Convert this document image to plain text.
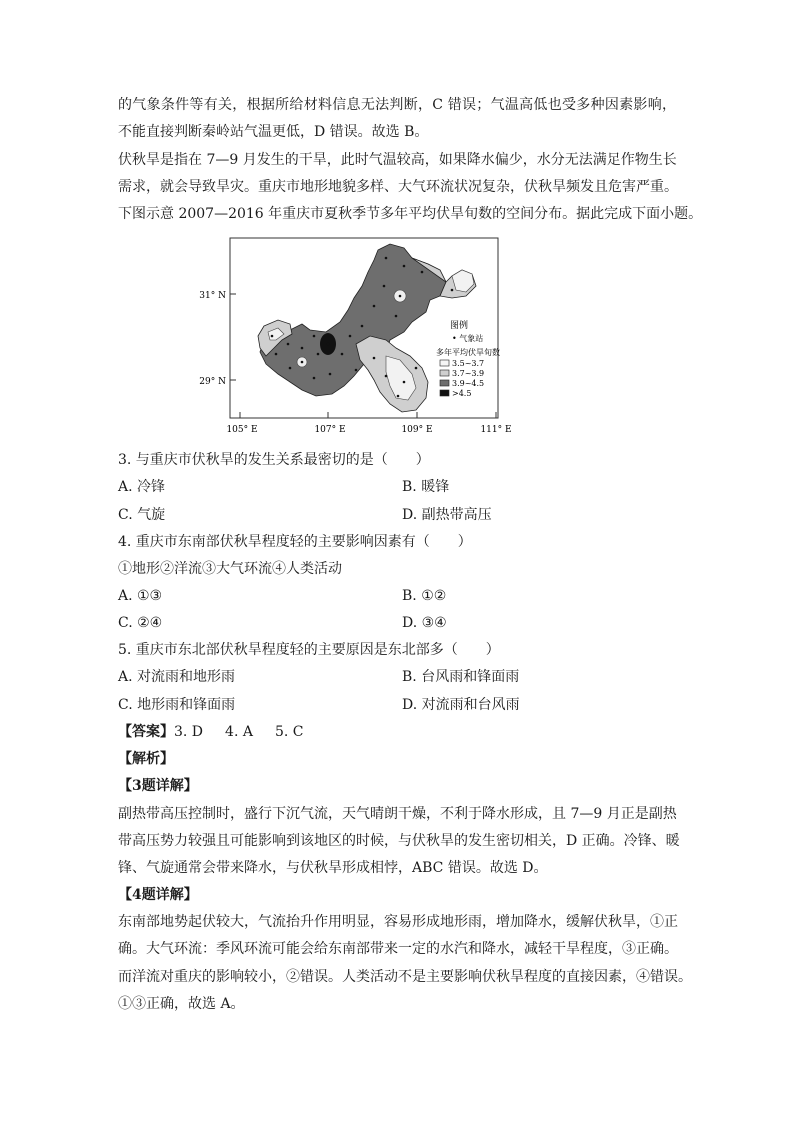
的气象条件等有关，根据所给材料信息无法判断，C 错误；气温高低也受多种因素影响，
不能直接判断秦岭站气温更低，D 错误。故选 B。
伏秋旱是指在 7—9 月发生的干旱，此时气温较高，如果降水偏少，水分无法满足作物生长
需求，就会导致旱灾。重庆市地形地貌多样、大气环流状况复杂，伏秋旱频发且危害严重。
下图示意 2007—2016 年重庆市夏秋季节多年平均伏旱旬数的空间分布。据此完成下面小题。
31° N
29° N
105° E	107° E	109° E	111° E
图例
• 气象站
多年平均伏旱旬数
3.5~3.7
3.7~3.9
3.9~4.5
>4.5
3. 与重庆市伏秋旱的发生关系最密切的是（　　）
A. 冷锋	B. 暖锋
C. 气旋	D. 副热带高压
4. 重庆市东南部伏秋旱程度轻的主要影响因素有（　　）
①地形②洋流③大气环流④人类活动
A. ①③	B. ①②
C. ②④	D. ③④
5. 重庆市东北部伏秋旱程度轻的主要原因是东北部多（　　）
A. 对流雨和地形雨	B. 台风雨和锋面雨
C. 地形雨和锋面雨	D. 对流雨和台风雨
【答案】3. D 4. A 5. C
【解析】
【3题详解】
副热带高压控制时，盛行下沉气流，天气晴朗干燥，不利于降水形成，且 7—9 月正是副热
带高压势力较强且可能影响到该地区的时候，与伏秋旱的发生密切相关，D 正确。冷锋、暖
锋、气旋通常会带来降水，与伏秋旱形成相悖，ABC 错误。故选 D。
【4题详解】
东南部地势起伏较大，气流抬升作用明显，容易形成地形雨，增加降水，缓解伏秋旱，①正
确。大气环流：季风环流可能会给东南部带来一定的水汽和降水，减轻干旱程度，③正确。
而洋流对重庆的影响较小，②错误。人类活动不是主要影响伏秋旱程度的直接因素，④错误。
①③正确，故选 A。
